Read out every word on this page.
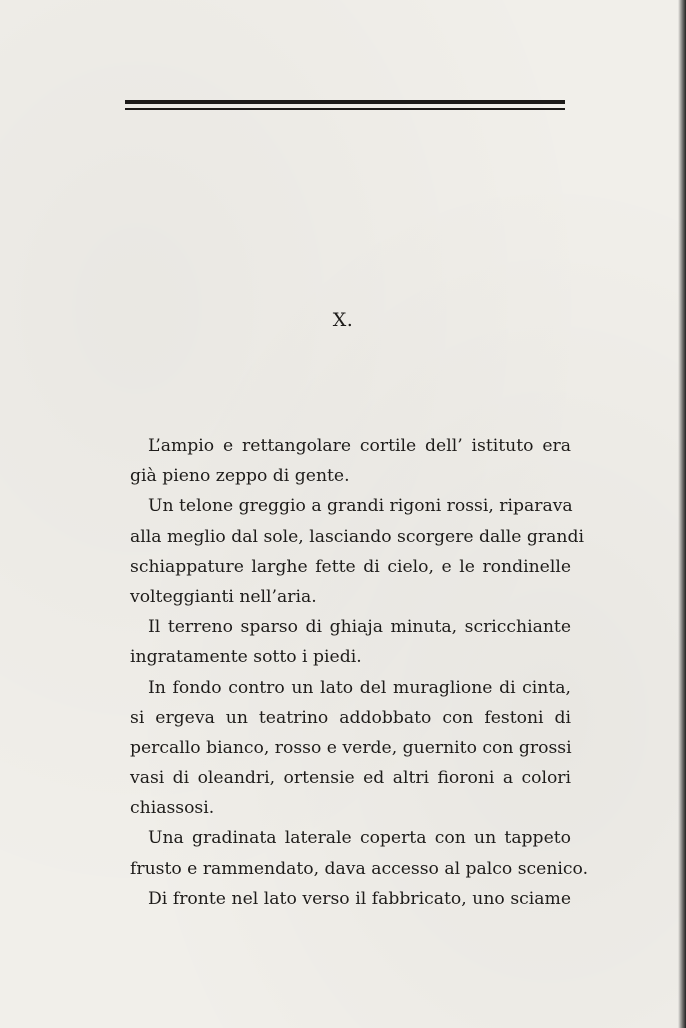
X.
L’ampio e rettangolare cortile dell’ istituto era
già pieno zeppo di gente.
Un telone greggio a grandi rigoni rossi, riparava
alla meglio dal sole, lasciando scorgere dalle grandi
schiappature larghe fette di cielo, e le rondinelle
volteggianti nell’aria.
Il terreno sparso di ghiaja minuta, scricchiante
ingratamente sotto i piedi.
In fondo contro un lato del muraglione di cinta,
si ergeva un teatrino addobbato con festoni di
percallo bianco, rosso e verde, guernito con grossi
vasi di oleandri, ortensie ed altri fioroni a colori
chiassosi.
Una gradinata laterale coperta con un tappeto
frusto e rammendato, dava accesso al palco scenico.
Di fronte nel lato verso il fabbricato, uno sciame
